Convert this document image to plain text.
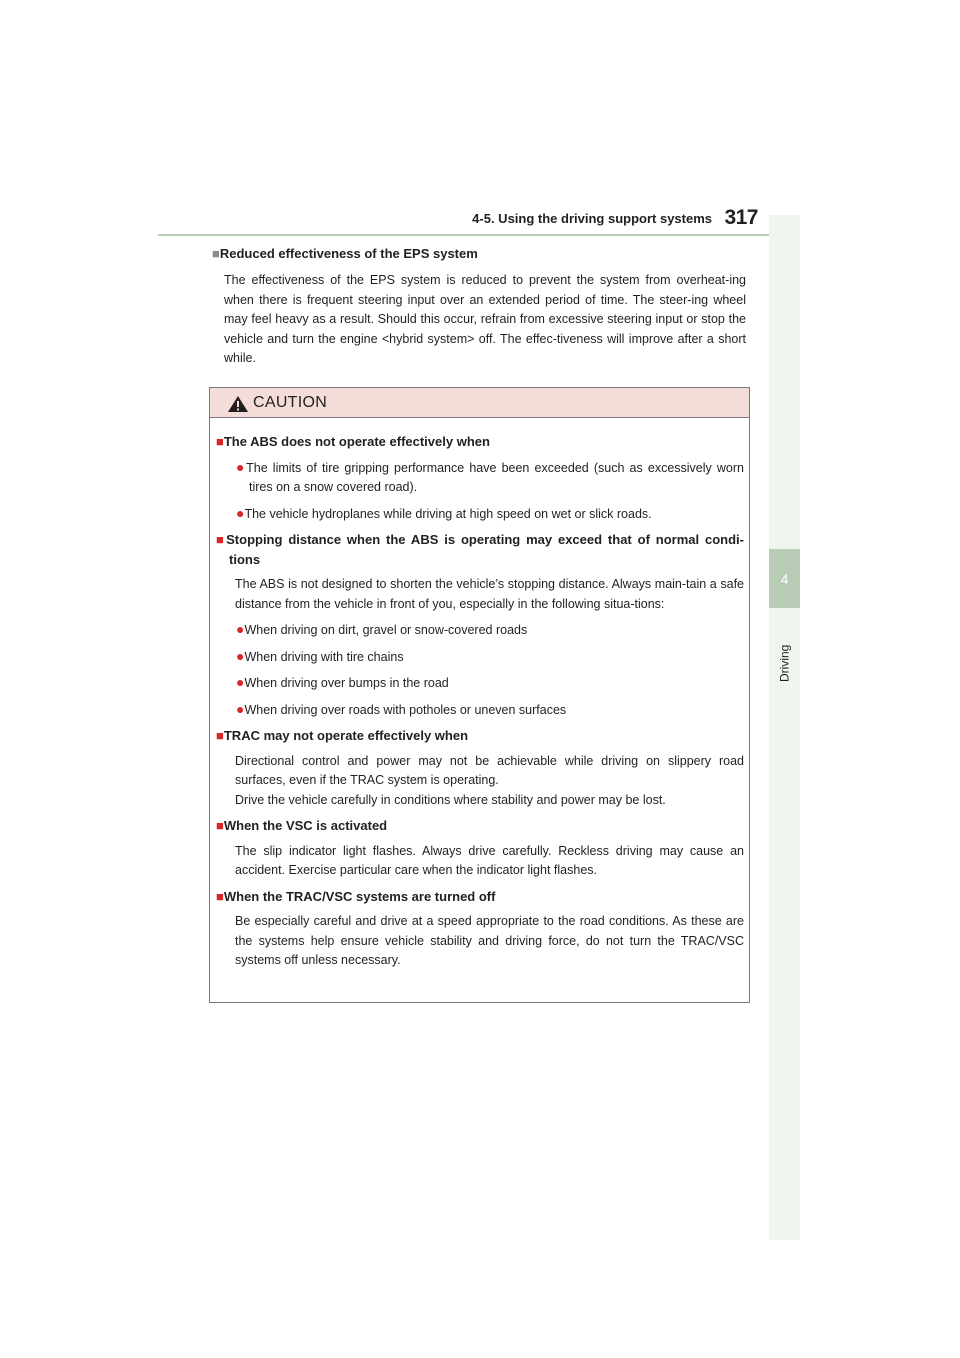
4-5. Using the driving support systems 317
4
Driving
■Reduced effectiveness of the EPS system
The effectiveness of the EPS system is reduced to prevent the system from overheat-ing when there is frequent steering input over an extended period of time. The steer-ing wheel may feel heavy as a result. Should this occur, refrain from excessive steering input or stop the vehicle and turn the engine <hybrid system> off. The effec-tiveness will improve after a short while.
CAUTION
■The ABS does not operate effectively when
●The limits of tire gripping performance have been exceeded (such as excessively worn tires on a snow covered road).
●The vehicle hydroplanes while driving at high speed on wet or slick roads.
■Stopping distance when the ABS is operating may exceed that of normal condi-tions
The ABS is not designed to shorten the vehicle’s stopping distance. Always main-tain a safe distance from the vehicle in front of you, especially in the following situa-tions:
●When driving on dirt, gravel or snow-covered roads
●When driving with tire chains
●When driving over bumps in the road
●When driving over roads with potholes or uneven surfaces
■TRAC may not operate effectively when
Directional control and power may not be achievable while driving on slippery road surfaces, even if the TRAC system is operating.
Drive the vehicle carefully in conditions where stability and power may be lost.
■When the VSC is activated
The slip indicator light flashes. Always drive carefully. Reckless driving may cause an accident. Exercise particular care when the indicator light flashes.
■When the TRAC/VSC systems are turned off
Be especially careful and drive at a speed appropriate to the road conditions. As these are the systems help ensure vehicle stability and driving force, do not turn the TRAC/VSC systems off unless necessary.
